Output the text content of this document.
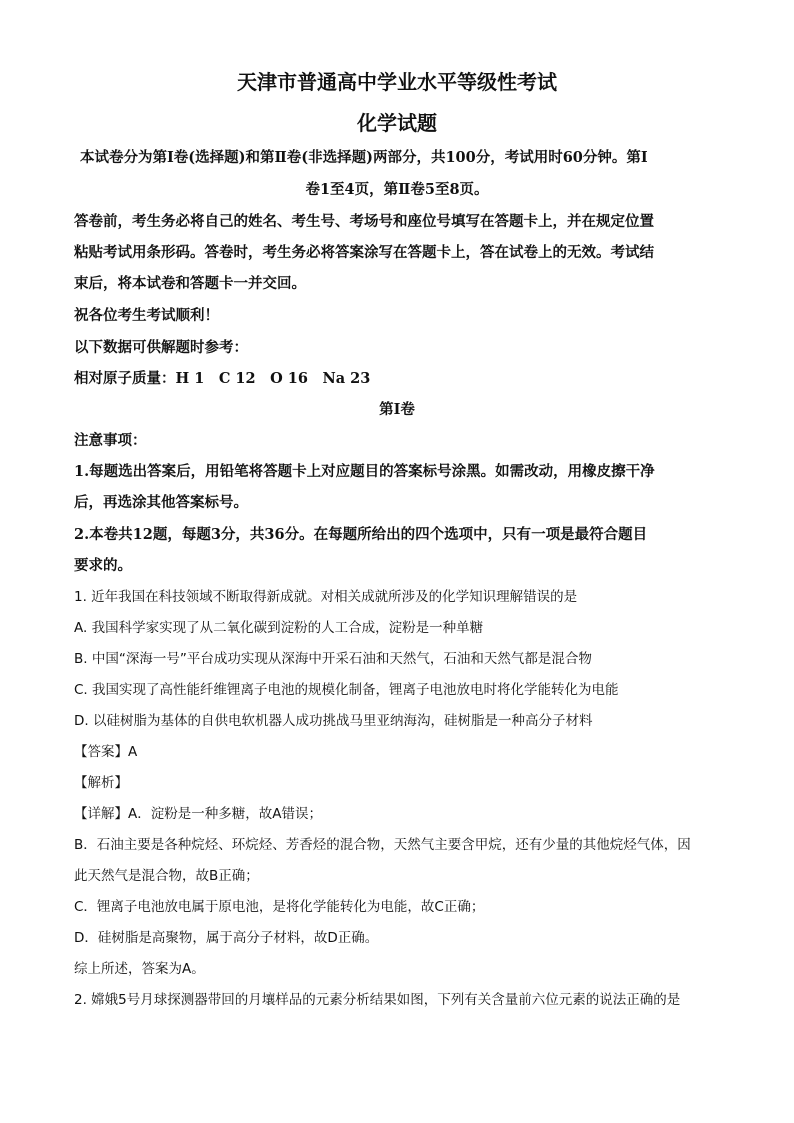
天津市普通高中学业水平等级性考试
化学试题
本试卷分为第Ⅰ卷(选择题)和第Ⅱ卷(非选择题)两部分，共100分，考试用时60分钟。第Ⅰ
卷1至4页，第Ⅱ卷5至8页。
答卷前，考生务必将自己的姓名、考生号、考场号和座位号填写在答题卡上，并在规定位置
粘贴考试用条形码。答卷时，考生务必将答案涂写在答题卡上，答在试卷上的无效。考试结
束后，将本试卷和答题卡一并交回。
祝各位考生考试顺利！
以下数据可供解题时参考：
相对原子质量：H 1　C 12　O 16　Na 23
第Ⅰ卷
注意事项：
1.每题选出答案后，用铅笔将答题卡上对应题目的答案标号涂黑。如需改动，用橡皮擦干净
后，再选涂其他答案标号。
2.本卷共12题，每题3分，共36分。在每题所给出的四个选项中，只有一项是最符合题目
要求的。
1. 近年我国在科技领域不断取得新成就。对相关成就所涉及的化学知识理解错误的是
A. 我国科学家实现了从二氧化碳到淀粉的人工合成，淀粉是一种单糖
B. 中国“深海一号”平台成功实现从深海中开采石油和天然气，石油和天然气都是混合物
C. 我国实现了高性能纤维锂离子电池的规模化制备，锂离子电池放电时将化学能转化为电能
D. 以硅树脂为基体的自供电软机器人成功挑战马里亚纳海沟，硅树脂是一种高分子材料
【答案】A
【解析】
【详解】A．淀粉是一种多糖，故A错误；
B．石油主要是各种烷烃、环烷烃、芳香烃的混合物，天然气主要含甲烷，还有少量的其他烷烃气体，因
此天然气是混合物，故B正确；
C．锂离子电池放电属于原电池，是将化学能转化为电能，故C正确；
D．硅树脂是高聚物，属于高分子材料，故D正确。
综上所述，答案为A。
2. 嫦娥5号月球探测器带回的月壤样品的元素分析结果如图，下列有关含量前六位元素的说法正确的是
